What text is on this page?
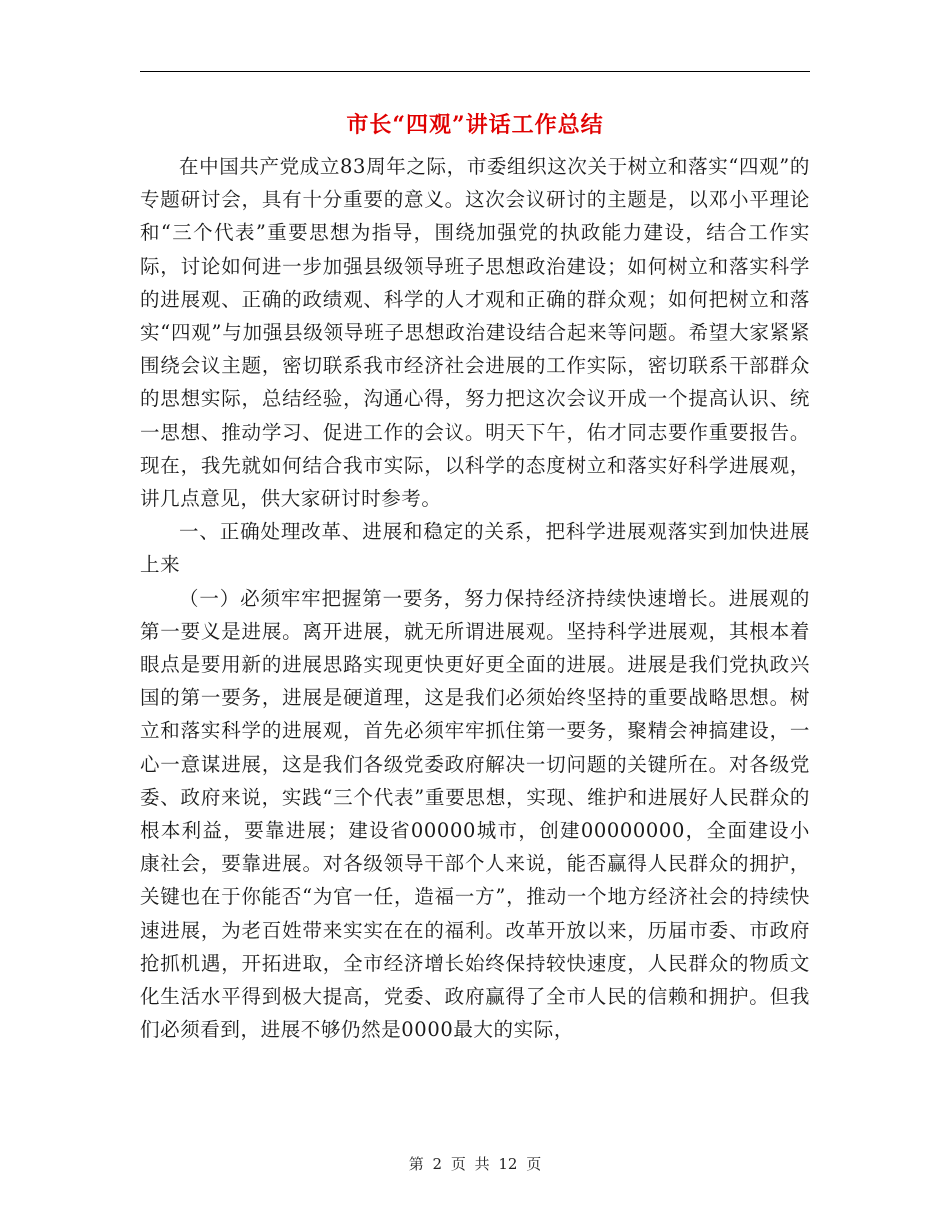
市长“四观”讲话工作总结

在中国共产党成立83周年之际，市委组织这次关于树立和落实“四观”的专题研讨会，具有十分重要的意义。这次会议研讨的主题是，以邓小平理论和“三个代表”重要思想为指导，围绕加强党的执政能力建设，结合工作实际，讨论如何进一步加强县级领导班子思想政治建设；如何树立和落实科学的进展观、正确的政绩观、科学的人才观和正确的群众观；如何把树立和落实“四观”与加强县级领导班子思想政治建设结合起来等问题。希望大家紧紧围绕会议主题，密切联系我市经济社会进展的工作实际，密切联系干部群众的思想实际，总结经验，沟通心得，努力把这次会议开成一个提高认识、统一思想、推动学习、促进工作的会议。明天下午，佑才同志要作重要报告。现在，我先就如何结合我市实际，以科学的态度树立和落实好科学进展观，讲几点意见，供大家研讨时参考。

一、正确处理改革、进展和稳定的关系，把科学进展观落实到加快进展上来

（一）必须牢牢把握第一要务，努力保持经济持续快速增长。进展观的第一要义是进展。离开进展，就无所谓进展观。坚持科学进展观，其根本着眼点是要用新的进展思路实现更快更好更全面的进展。进展是我们党执政兴国的第一要务，进展是硬道理，这是我们必须始终坚持的重要战略思想。树立和落实科学的进展观，首先必须牢牢抓住第一要务，聚精会神搞建设，一心一意谋进展，这是我们各级党委政府解决一切问题的关键所在。对各级党委、政府来说，实践“三个代表”重要思想，实现、维护和进展好人民群众的根本利益，要靠进展；建设省00000城市，创建00000000，全面建设小康社会，要靠进展。对各级领导干部个人来说，能否赢得人民群众的拥护，关键也在于你能否“为官一任，造福一方”，推动一个地方经济社会的持续快速进展，为老百姓带来实实在在的福利。改革开放以来，历届市委、市政府抢抓机遇，开拓进取，全市经济增长始终保持较快速度，人民群众的物质文化生活水平得到极大提高，党委、政府赢得了全市人民的信赖和拥护。但我们必须看到，进展不够仍然是0000最大的实际，

第 2 页 共 12 页
